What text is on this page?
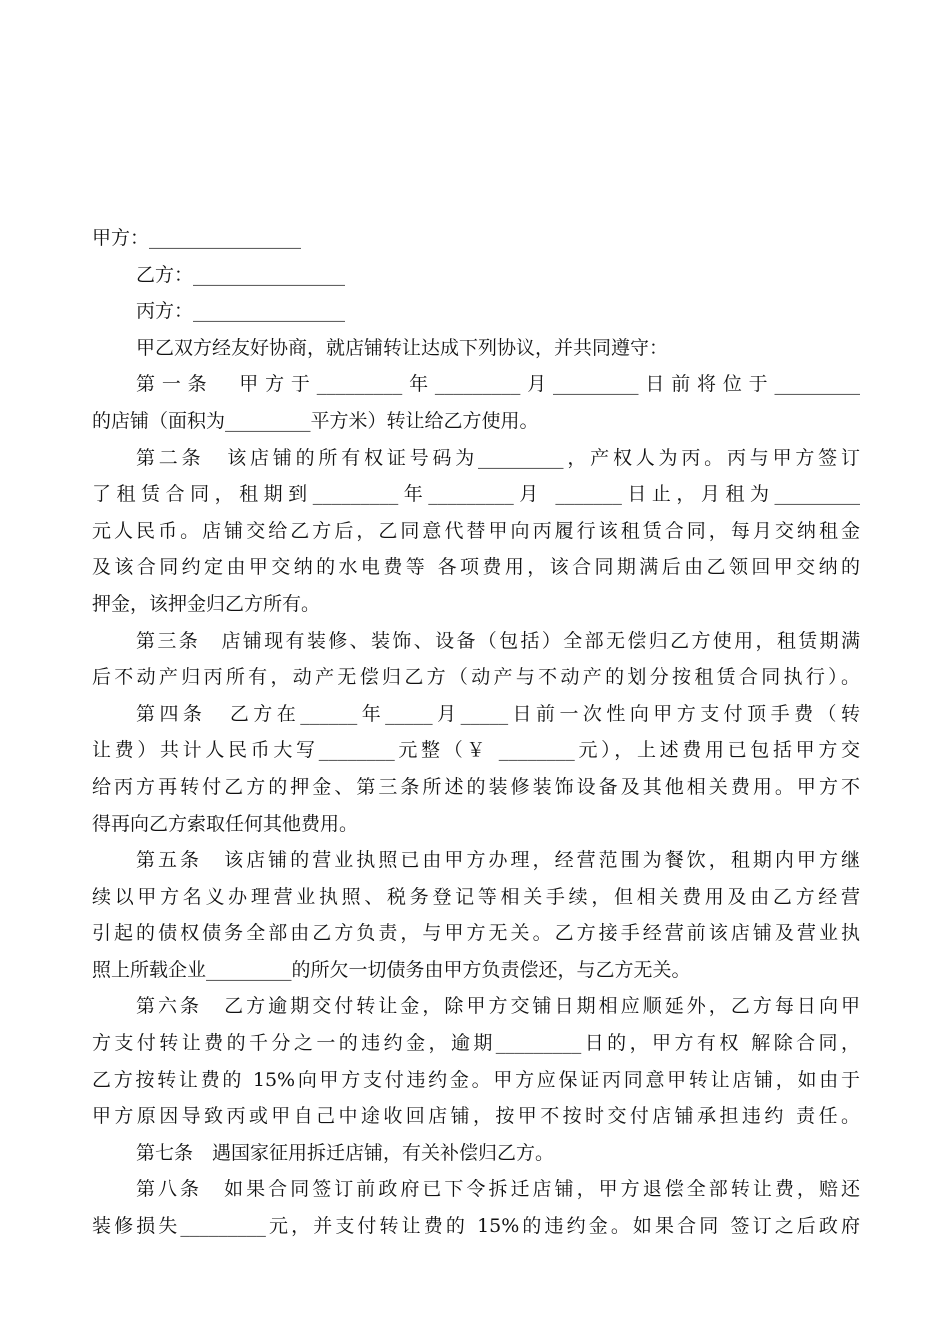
甲方：________________
乙方：________________
丙方：________________
甲乙双方经友好协商，就店铺转让达成下列协议，并共同遵守：
第一条　甲方于_________年_________月_________日前将位于_________
的店铺（面积为_________平方米）转让给乙方使用。
第二条　该店铺的所有权证号码为_________，产权人为丙。丙与甲方签订
了租赁合同，租期到_________年_________月 _______日止，月租为_________
元人民币。店铺交给乙方后，乙同意代替甲向丙履行该租赁合同，每月交纳租金
及该合同约定由甲交纳的水电费等 各项费用，该合同期满后由乙领回甲交纳的
押金，该押金归乙方所有。
第三条　店铺现有装修、装饰、设备（包括）全部无偿归乙方使用，租赁期满
后不动产归丙所有，动产无偿归乙方（动产与不动产的划分按租赁合同执行）。
第四条　乙方在______年_____月_____日前一次性向甲方支付顶手费（转
让费）共计人民币大写________元整（￥ ________元），上述费用已包括甲方交
给丙方再转付乙方的押金、第三条所述的装修装饰设备及其他相关费用。甲方不
得再向乙方索取任何其他费用。
第五条　该店铺的营业执照已由甲方办理，经营范围为餐饮，租期内甲方继
续以甲方名义办理营业执照、税务登记等相关手续，但相关费用及由乙方经营
引起的债权债务全部由乙方负责，与甲方无关。乙方接手经营前该店铺及营业执
照上所载企业_________的所欠一切债务由甲方负责偿还，与乙方无关。
第六条　乙方逾期交付转让金，除甲方交铺日期相应顺延外，乙方每日向甲
方支付转让费的千分之一的违约金，逾期_________日的，甲方有权 解除合同，
乙方按转让费的 15%向甲方支付违约金。甲方应保证丙同意甲转让店铺，如由于
甲方原因导致丙或甲自己中途收回店铺，按甲不按时交付店铺承担违约 责任。
第七条　遇国家征用拆迁店铺，有关补偿归乙方。
第八条　如果合同签订前政府已下令拆迁店铺，甲方退偿全部转让费，赔还
装修损失_________元，并支付转让费的 15%的违约金。如果合同 签订之后政府
